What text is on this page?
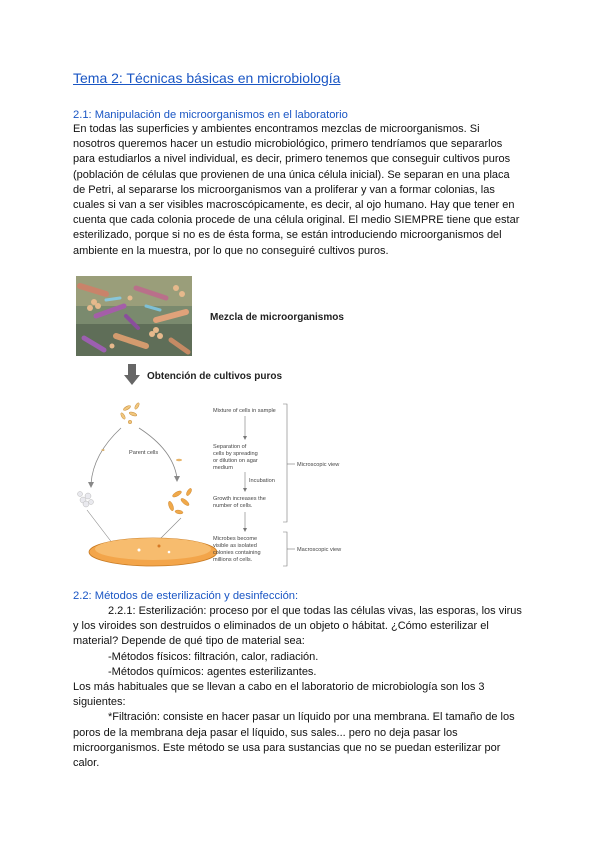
Tema 2: Técnicas básicas en microbiología
2.1: Manipulación de microorganismos en el laboratorio

En todas las superficies y ambientes encontramos mezclas de microorganismos. Si

nosotros queremos hacer un estudio microbiológico, primero tendríamos que separarlos

para estudiarlos a nivel individual, es decir, primero tenemos que conseguir cultivos puros

(población de células que provienen de una única célula inicial). Se separan en una placa

de Petri, al separarse los microorganismos van a proliferar y van a formar colonias, las

cuales si van a ser visibles macroscópicamente, es decir, al ojo humano. Hay que tener en

cuenta que cada colonia procede de una célula original. El medio SIEMPRE tiene que estar

esterilizado, porque si no es de ésta forma, se están introduciendo microorganismos del

ambiente en la muestra, por lo que no conseguiré cultivos puros.

Mezcla de microorganismos
Obtención de cultivos puros
Parent cells
Mixture of cells in sample
Separation of
cells by spreading
or dilution on agar
medium
Incubation
Growth increases the
number of cells.
Microbes become
visible as isolated
colonies containing
millions of cells.
Microscopic view
Macroscopic view
2.2: Métodos de esterilización y desinfección:

2.2.1: Esterilización: proceso por el que todas las células vivas, las esporas, los virus

y los viroides son destruidos o eliminados de un objeto o hábitat. ¿Cómo esterilizar el

material? Depende de qué tipo de material sea:

-Métodos físicos: filtración, calor, radiación.

-Métodos químicos: agentes esterilizantes.

Los más habituales que se llevan a cabo en el laboratorio de microbiología son los 3

siguientes:

*Filtración: consiste en hacer pasar un líquido por una membrana. El tamaño de los

poros de la membrana deja pasar el líquido, sus sales... pero no deja pasar los

microorganismos. Este método se usa para sustancias que no se puedan esterilizar por

calor.
